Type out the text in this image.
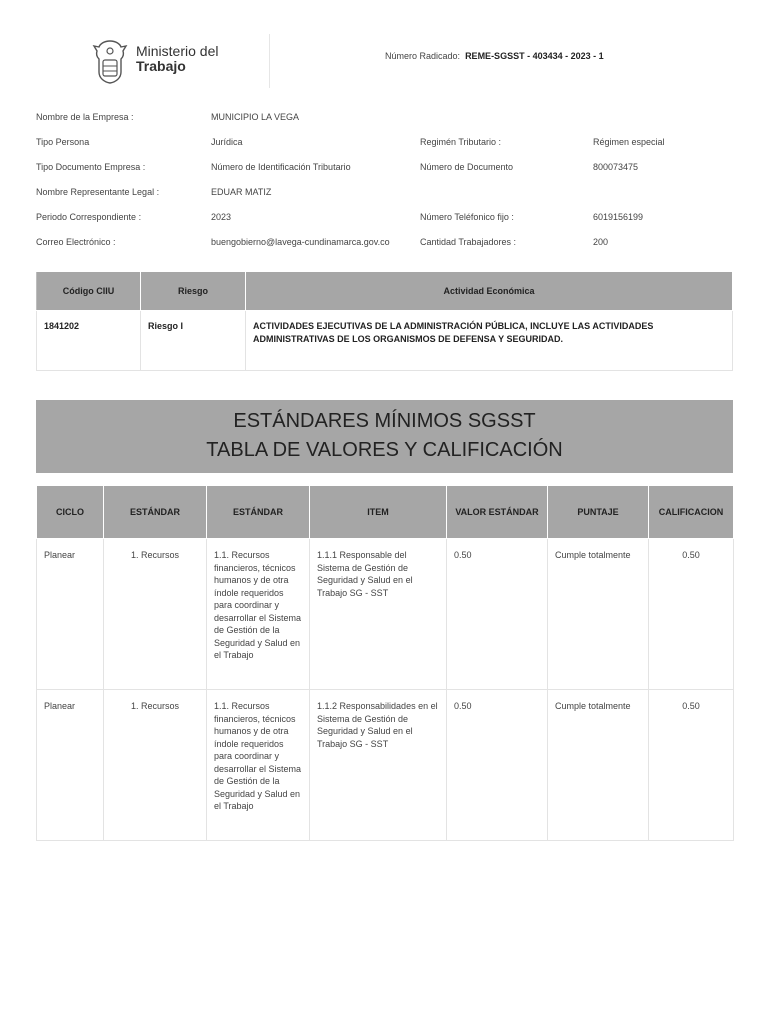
Ministerio del
Trabajo
Número Radicado: REME-SGSST - 403434 - 2023 - 1
Nombre de la Empresa :	MUNICIPIO LA VEGA
Tipo Persona	Jurídica	Regimén Tributario :	Régimen especial
Tipo Documento Empresa :	Número de Identificación Tributario	Número de Documento	800073475
Nombre Representante Legal :	EDUAR MATIZ
Periodo Correspondiente :	2023	Número Teléfonico fijo :	6019156199
Correo Electrónico :	buengobierno@lavega-cundinamarca.gov.co	Cantidad Trabajadores :	200
Código CIIU	Riesgo	Actividad Económica
1841202	Riesgo I	ACTIVIDADES EJECUTIVAS DE LA ADMINISTRACIÓN PÚBLICA, INCLUYE LAS ACTIVIDADES ADMINISTRATIVAS DE LOS ORGANISMOS DE DEFENSA Y SEGURIDAD.
ESTÁNDARES MÍNIMOS SGSST
TABLA DE VALORES Y CALIFICACIÓN
CICLO	ESTÁNDAR	ESTÁNDAR	ITEM	VALOR ESTÁNDAR	PUNTAJE	CALIFICACION
Planear	1. Recursos	1.1. Recursos financieros, técnicos humanos y de otra índole requeridos para coordinar y desarrollar el Sistema de Gestión de la Seguridad y Salud en el Trabajo	1.1.1 Responsable del Sistema de Gestión de Seguridad y Salud en el Trabajo SG - SST	0.50	Cumple totalmente	0.50
Planear	1. Recursos	1.1. Recursos financieros, técnicos humanos y de otra índole requeridos para coordinar y desarrollar el Sistema de Gestión de la Seguridad y Salud en el Trabajo	1.1.2 Responsabilidades en el Sistema de Gestión de Seguridad y Salud en el Trabajo SG - SST	0.50	Cumple totalmente	0.50
